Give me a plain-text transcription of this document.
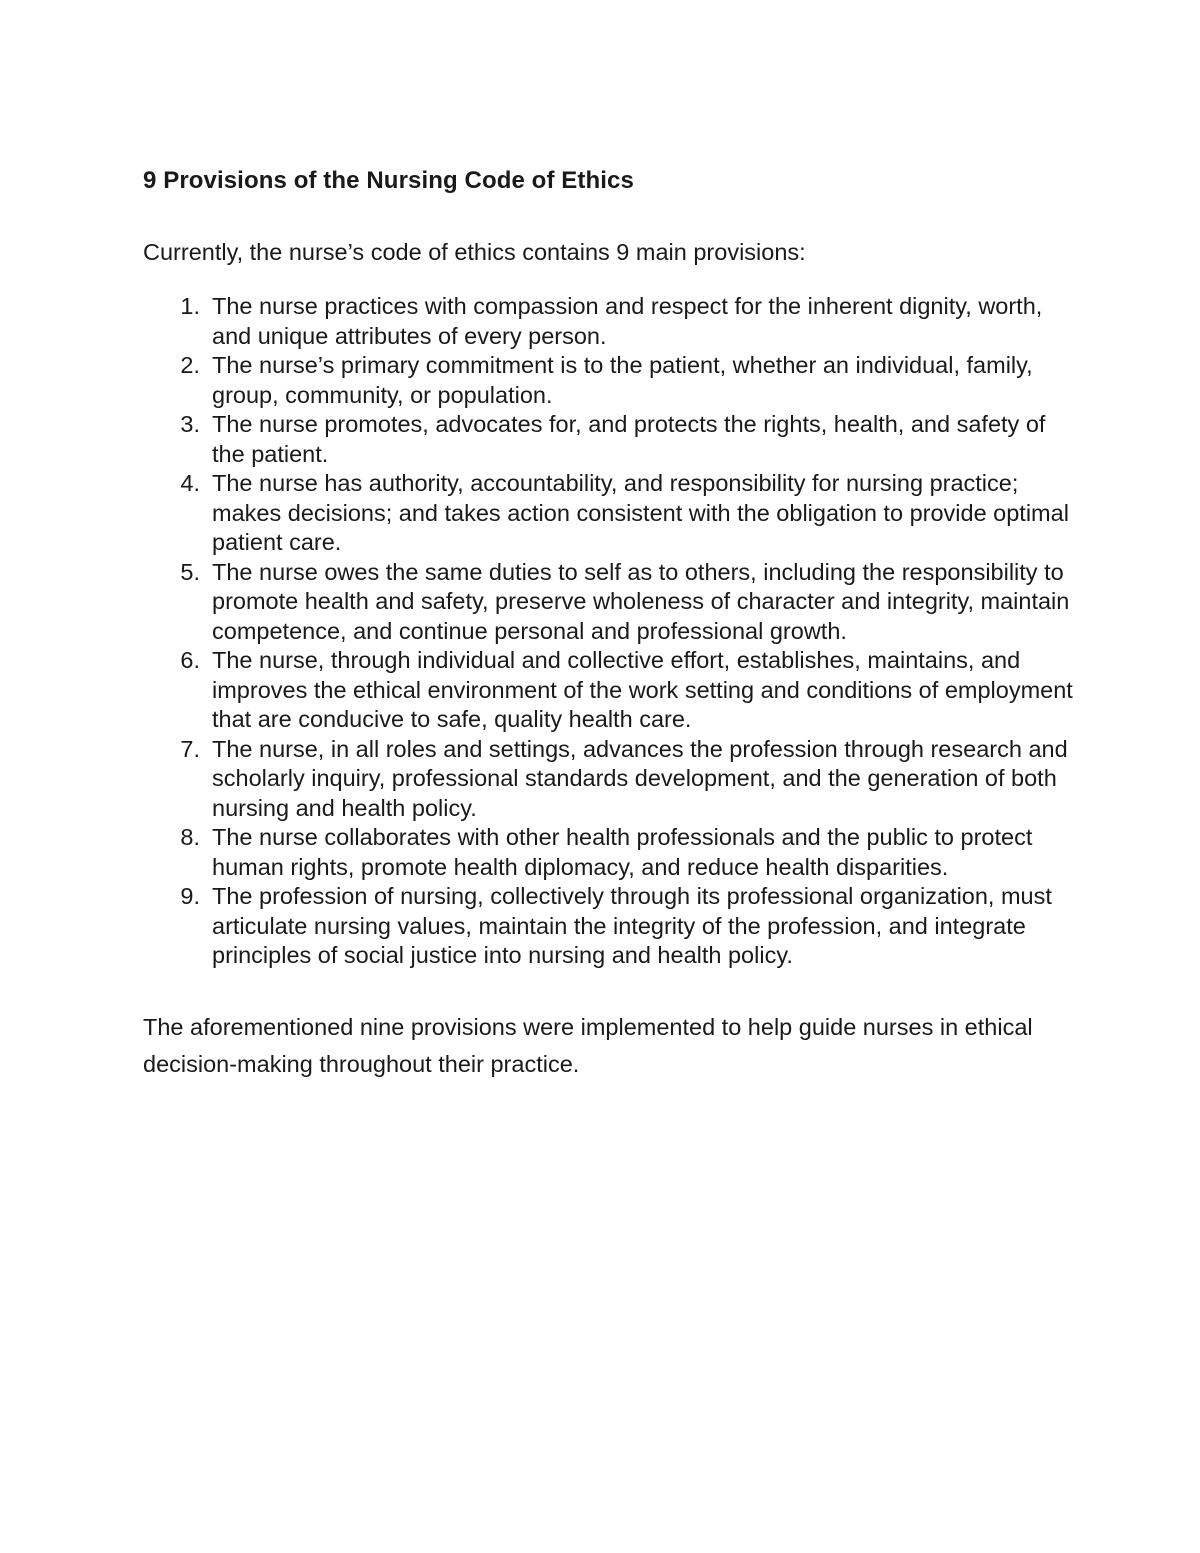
9 Provisions of the Nursing Code of Ethics

Currently, the nurse’s code of ethics contains 9 main provisions:

1. The nurse practices with compassion and respect for the inherent dignity, worth, and unique attributes of every person.
2. The nurse’s primary commitment is to the patient, whether an individual, family, group, community, or population.
3. The nurse promotes, advocates for, and protects the rights, health, and safety of the patient.
4. The nurse has authority, accountability, and responsibility for nursing practice; makes decisions; and takes action consistent with the obligation to provide optimal patient care.
5. The nurse owes the same duties to self as to others, including the responsibility to promote health and safety, preserve wholeness of character and integrity, maintain competence, and continue personal and professional growth.
6. The nurse, through individual and collective effort, establishes, maintains, and improves the ethical environment of the work setting and conditions of employment that are conducive to safe, quality health care.
7. The nurse, in all roles and settings, advances the profession through research and scholarly inquiry, professional standards development, and the generation of both nursing and health policy.
8. The nurse collaborates with other health professionals and the public to protect human rights, promote health diplomacy, and reduce health disparities.
9. The profession of nursing, collectively through its professional organization, must articulate nursing values, maintain the integrity of the profession, and integrate principles of social justice into nursing and health policy.

The aforementioned nine provisions were implemented to help guide nurses in ethical decision-making throughout their practice.
